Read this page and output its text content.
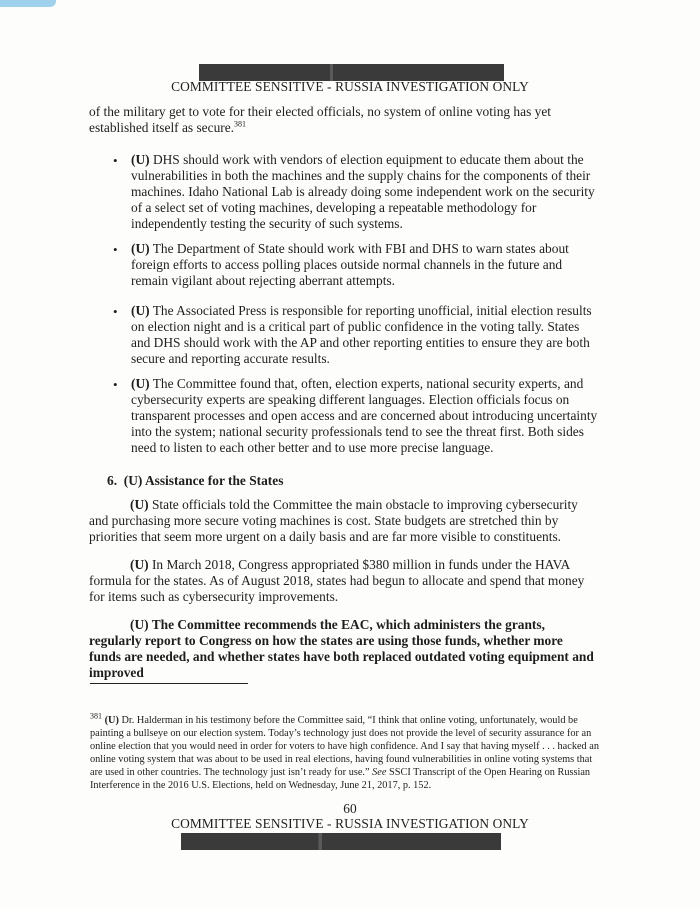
COMMITTEE SENSITIVE - RUSSIA INVESTIGATION ONLY
of the military get to vote for their elected officials, no system of online voting has yet
established itself as secure.$^{381}$
• (U) DHS should work with vendors of election equipment to educate them about the vulnerabilities in both the machines and the supply chains for the components of their machines. Idaho National Lab is already doing some independent work on the security of a select set of voting machines, developing a repeatable methodology for independently testing the security of such systems.
• (U) The Department of State should work with FBI and DHS to warn states about foreign efforts to access polling places outside normal channels in the future and remain vigilant about rejecting aberrant attempts.
• (U) The Associated Press is responsible for reporting unofficial, initial election results on election night and is a critical part of public confidence in the voting tally. States and DHS should work with the AP and other reporting entities to ensure they are both secure and reporting accurate results.
• (U) The Committee found that, often, election experts, national security experts, and cybersecurity experts are speaking different languages. Election officials focus on transparent processes and open access and are concerned about introducing uncertainty into the system; national security professionals tend to see the threat first. Both sides need to listen to each other better and to use more precise language.
6. (U) Assistance for the States
(U) State officials told the Committee the main obstacle to improving cybersecurity and purchasing more secure voting machines is cost. State budgets are stretched thin by priorities that seem more urgent on a daily basis and are far more visible to constituents.
(U) In March 2018, Congress appropriated $380 million in funds under the HAVA formula for the states. As of August 2018, states had begun to allocate and spend that money for items such as cybersecurity improvements.
(U) The Committee recommends the EAC, which administers the grants, regularly report to Congress on how the states are using those funds, whether more funds are needed, and whether states have both replaced outdated voting equipment and improved
$^{381}$ (U) Dr. Halderman in his testimony before the Committee said, “I think that online voting, unfortunately, would be painting a bullseye on our election system. Today’s technology just does not provide the level of security assurance for an online election that you would need in order for voters to have high confidence. And I say that having myself . . . hacked an online voting system that was about to be used in real elections, having found vulnerabilities in online voting systems that are used in other countries. The technology just isn’t ready for use.” See SSCI Transcript of the Open Hearing on Russian Interference in the 2016 U.S. Elections, held on Wednesday, June 21, 2017, p. 152.
60
COMMITTEE SENSITIVE - RUSSIA INVESTIGATION ONLY
